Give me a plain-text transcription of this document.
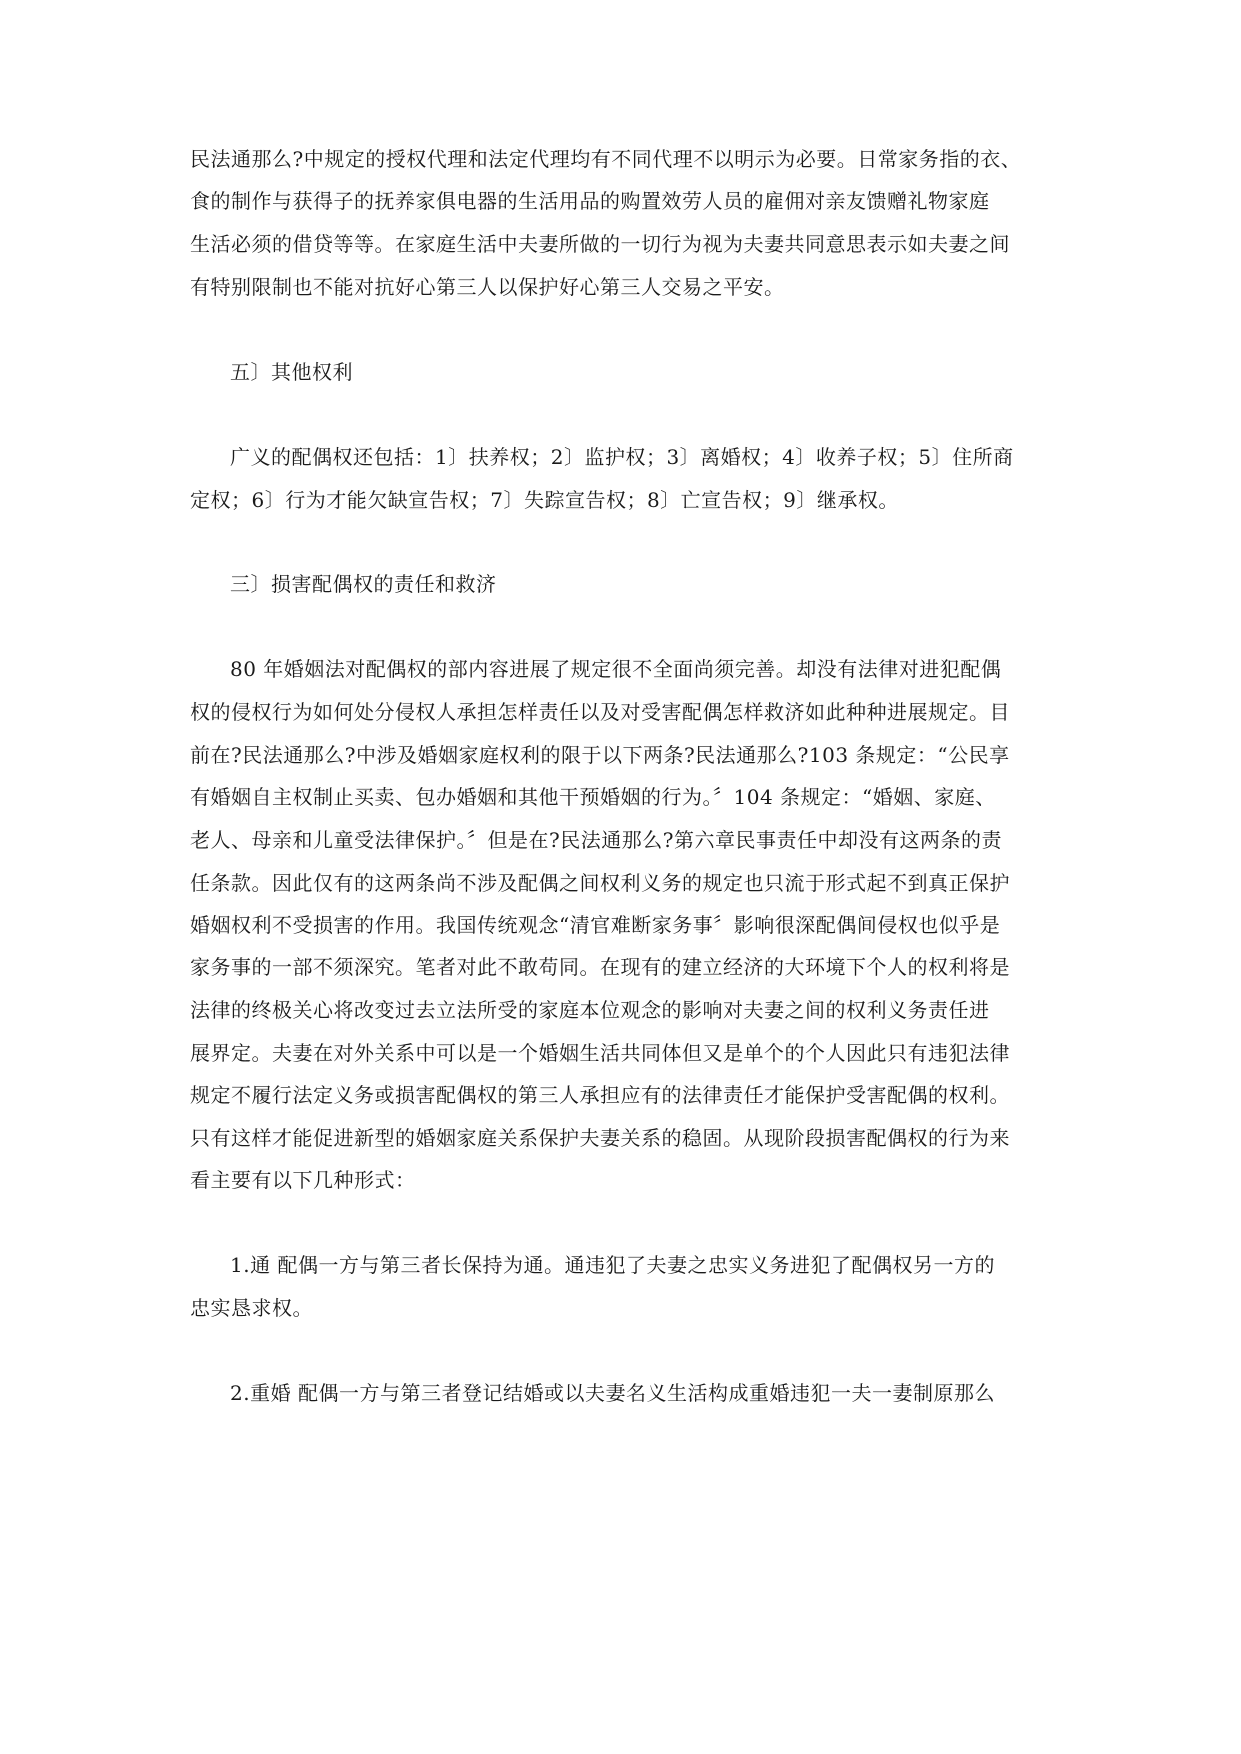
民法通那么?中规定的授权代理和法定代理均有不同代理不以明示为必要。日常家务指的衣、
食的制作与获得子的抚养家俱电器的生活用品的购置效劳人员的雇佣对亲友馈赠礼物家庭
生活必须的借贷等等。在家庭生活中夫妻所做的一切行为视为夫妻共同意思表示如夫妻之间
有特别限制也不能对抗好心第三人以保护好心第三人交易之平安。
五〕其他权利
广义的配偶权还包括：1〕扶养权；2〕监护权；3〕离婚权；4〕收养子权；5〕住所商
定权；6〕行为才能欠缺宣告权；7〕失踪宣告权；8〕亡宣告权；9〕继承权。
三〕损害配偶权的责任和救济
80 年婚姻法对配偶权的部内容进展了规定很不全面尚须完善。却没有法律对进犯配偶
权的侵权行为如何处分侵权人承担怎样责任以及对受害配偶怎样救济如此种种进展规定。目
前在?民法通那么?中涉及婚姻家庭权利的限于以下两条?民法通那么?103 条规定：“公民享
有婚姻自主权制止买卖、包办婚姻和其他干预婚姻的行为。〞104 条规定：“婚姻、家庭、
老人、母亲和儿童受法律保护。〞但是在?民法通那么?第六章民事责任中却没有这两条的责
任条款。因此仅有的这两条尚不涉及配偶之间权利义务的规定也只流于形式起不到真正保护
婚姻权利不受损害的作用。我国传统观念“清官难断家务事〞影响很深配偶间侵权也似乎是
家务事的一部不须深究。笔者对此不敢苟同。在现有的建立经济的大环境下个人的权利将是
法律的终极关心将改变过去立法所受的家庭本位观念的影响对夫妻之间的权利义务责任进
展界定。夫妻在对外关系中可以是一个婚姻生活共同体但又是单个的个人因此只有违犯法律
规定不履行法定义务或损害配偶权的第三人承担应有的法律责任才能保护受害配偶的权利。
只有这样才能促进新型的婚姻家庭关系保护夫妻关系的稳固。从现阶段损害配偶权的行为来
看主要有以下几种形式：
1.通 配偶一方与第三者长保持为通。通违犯了夫妻之忠实义务进犯了配偶权另一方的
忠实恳求权。
2.重婚 配偶一方与第三者登记结婚或以夫妻名义生活构成重婚违犯一夫一妻制原那么
